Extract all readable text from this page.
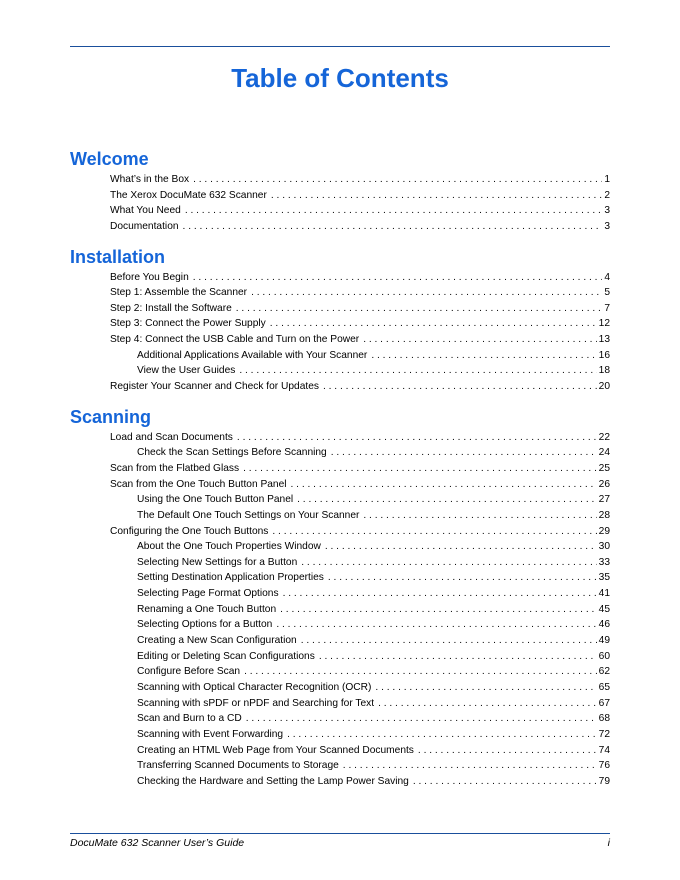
Table of Contents
Welcome
What’s in the Box . . .	1
The Xerox DocuMate 632 Scanner . . .	2
What You Need . . .	3
Documentation . . .	3
Installation
Before You Begin . . .	4
Step 1: Assemble the Scanner . . .	5
Step 2: Install the Software . . .	7
Step 3: Connect the Power Supply . . .	12
Step 4: Connect the USB Cable and Turn on the Power . . .	13
Additional Applications Available with Your Scanner . . .	16
View the User Guides . . .	18
Register Your Scanner and Check for Updates . . .	20
Scanning
Load and Scan Documents . . .	22
Check the Scan Settings Before Scanning . . .	24
Scan from the Flatbed Glass . . .	25
Scan from the One Touch Button Panel . . .	26
Using the One Touch Button Panel . . .	27
The Default One Touch Settings on Your Scanner . . .	28
Configuring the One Touch Buttons . . .	29
About the One Touch Properties Window . . .	30
Selecting New Settings for a Button . . .	33
Setting Destination Application Properties . . .	35
Selecting Page Format Options . . .	41
Renaming a One Touch Button . . .	45
Selecting Options for a Button . . .	46
Creating a New Scan Configuration . . .	49
Editing or Deleting Scan Configurations . . .	60
Configure Before Scan . . .	62
Scanning with Optical Character Recognition (OCR) . . .	65
Scanning with sPDF or nPDF and Searching for Text . . .	67
Scan and Burn to a CD . . .	68
Scanning with Event Forwarding . . .	72
Creating an HTML Web Page from Your Scanned Documents . . .	74
Transferring Scanned Documents to Storage . . .	76
Checking the Hardware and Setting the Lamp Power Saving . . .	79
DocuMate 632 Scanner User’s Guide	i
